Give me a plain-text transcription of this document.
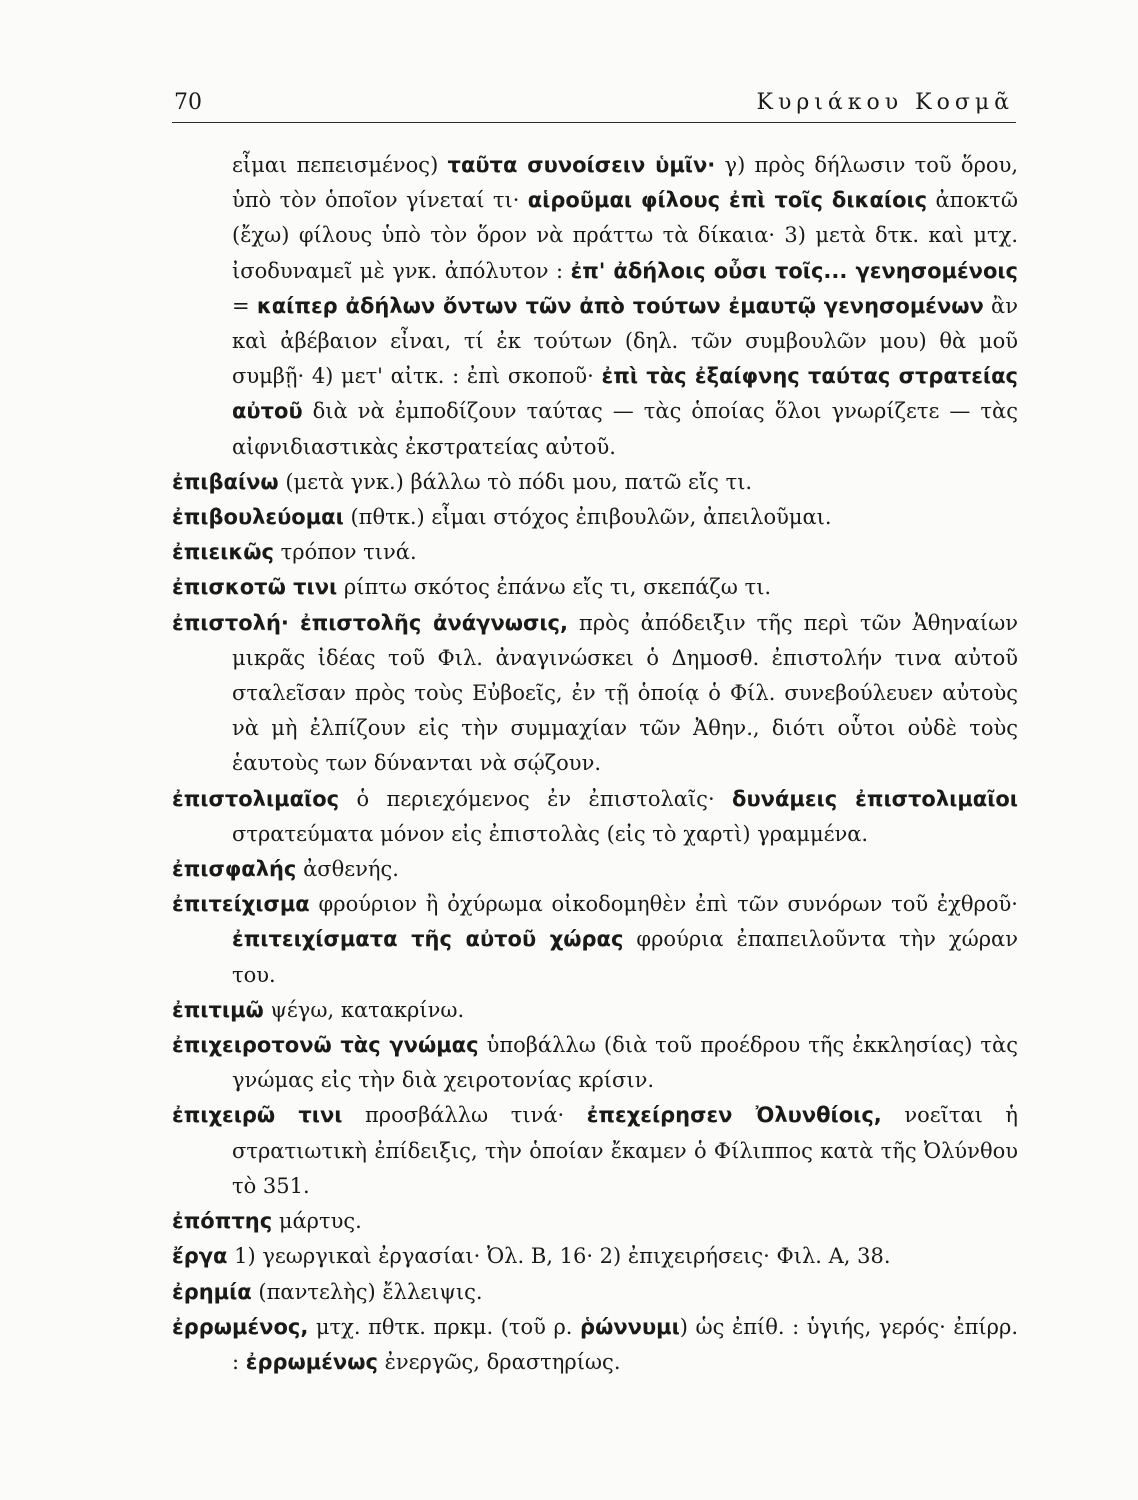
70	Κυριάκου Κοσμᾶ

εἶμαι πεπεισμένος) ταῦτα συνοίσειν ὑμῖν· γ) πρὸς δήλωσιν τοῦ ὅρου, ὑπὸ τὸν ὁποῖον γίνεταί τι· αἱροῦμαι φίλους ἐπὶ τοῖς δικαίοις ἀποκτῶ (ἔχω) φίλους ὑπὸ τὸν ὅρον νὰ πράττω τὰ δίκαια· 3) μετὰ δτκ. καὶ μτχ. ἰσοδυναμεῖ μὲ γνκ. ἀπόλυτον : ἐπ' ἀδήλοις οὖσι τοῖς... γενησομένοις = καίπερ ἀδήλων ὄντων τῶν ἀπὸ τούτων ἐμαυτῷ γενησομένων ἂν καὶ ἀβέβαιον εἶναι, τί ἐκ τούτων (δηλ. τῶν συμβουλῶν μου) θὰ μοῦ συμβῇ· 4) μετ' αἰτκ. : ἐπὶ σκοποῦ· ἐπὶ τὰς ἐξαίφνης ταύτας στρατείας αὐτοῦ διὰ νὰ ἐμποδίζουν ταύτας — τὰς ὁποίας ὅλοι γνωρίζετε — τὰς αἰφνιδιαστικὰς ἐκστρατείας αὐτοῦ.

ἐπιβαίνω (μετὰ γνκ.) βάλλω τὸ πόδι μου, πατῶ εἴς τι.

ἐπιβουλεύομαι (πθτκ.) εἶμαι στόχος ἐπιβουλῶν, ἀπειλοῦμαι.

ἐπιεικῶς τρόπον τινά.

ἐπισκοτῶ τινι ρίπτω σκότος ἐπάνω εἴς τι, σκεπάζω τι.

ἐπιστολή· ἐπιστολῆς ἀνάγνωσις, πρὸς ἀπόδειξιν τῆς περὶ τῶν Ἀθηναίων μικρᾶς ἰδέας τοῦ Φιλ. ἀναγινώσκει ὁ Δημοσθ. ἐπιστολήν τινα αὐτοῦ σταλεῖσαν πρὸς τοὺς Εὐβοεῖς, ἐν τῇ ὁποίᾳ ὁ Φίλ. συνεβούλευεν αὐτοὺς νὰ μὴ ἐλπίζουν εἰς τὴν συμμαχίαν τῶν Ἀθην., διότι οὗτοι οὐδὲ τοὺς ἑαυτοὺς των δύνανται νὰ σῴζουν.

ἐπιστολιμαῖος ὁ περιεχόμενος ἐν ἐπιστολαῖς· δυνάμεις ἐπιστολιμαῖοι στρατεύματα μόνον εἰς ἐπιστολὰς (εἰς τὸ χαρτὶ) γραμμένα.

ἐπισφαλής ἀσθενής.

ἐπιτείχισμα φρούριον ἢ ὀχύρωμα οἰκοδομηθὲν ἐπὶ τῶν συνόρων τοῦ ἐχθροῦ· ἐπιτειχίσματα τῆς αὐτοῦ χώρας φρούρια ἐπαπειλοῦντα τὴν χώραν του.

ἐπιτιμῶ ψέγω, κατακρίνω.

ἐπιχειροτονῶ τὰς γνώμας ὑποβάλλω (διὰ τοῦ προέδρου τῆς ἐκκλησίας) τὰς γνώμας εἰς τὴν διὰ χειροτονίας κρίσιν.

ἐπιχειρῶ τινι προσβάλλω τινά· ἐπεχείρησεν Ὀλυνθίοις, νοεῖται ἡ στρατιωτικὴ ἐπίδειξις, τὴν ὁποίαν ἔκαμεν ὁ Φίλιππος κατὰ τῆς Ὀλύνθου τὸ 351.

ἐπόπτης μάρτυς.

ἔργα 1) γεωργικαὶ ἐργασίαι· Ὀλ. Β, 16· 2) ἐπιχειρήσεις· Φιλ. Α, 38.

ἐρημία (παντελὴς) ἔλλειψις.

ἐρρωμένος, μτχ. πθτκ. πρκμ. (τοῦ ρ. ῥώννυμι) ὡς ἐπίθ. : ὑγιής, γερός· ἐπίρρ. : ἐρρωμένως ἐνεργῶς, δραστηρίως.
